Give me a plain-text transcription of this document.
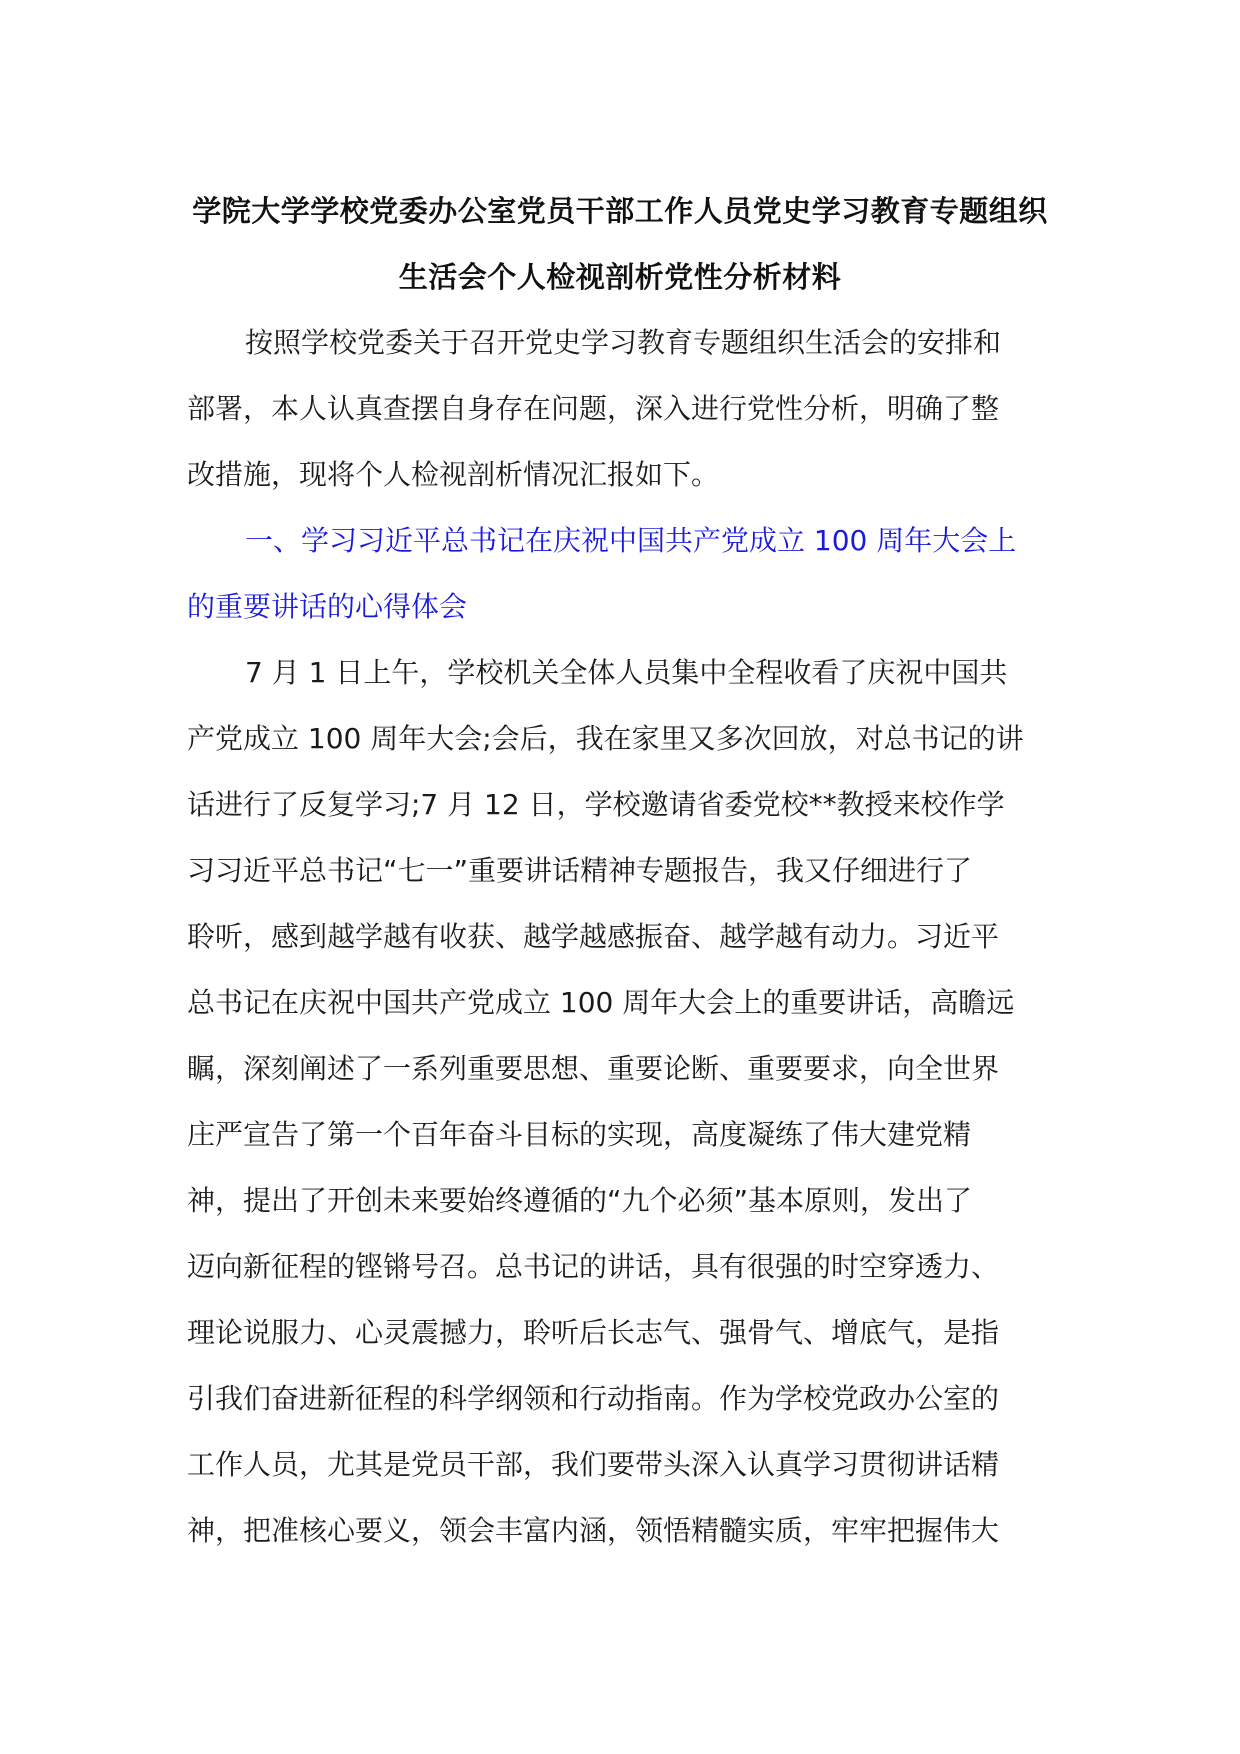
学院大学学校党委办公室党员干部工作人员党史学习教育专题组织
生活会个人检视剖析党性分析材料

按照学校党委关于召开党史学习教育专题组织生活会的安排和
部署，本人认真查摆自身存在问题，深入进行党性分析，明确了整
改措施，现将个人检视剖析情况汇报如下。

一、学习习近平总书记在庆祝中国共产党成立 100 周年大会上
的重要讲话的心得体会

7 月 1 日上午，学校机关全体人员集中全程收看了庆祝中国共
产党成立 100 周年大会;会后，我在家里又多次回放，对总书记的讲
话进行了反复学习;7 月 12 日，学校邀请省委党校**教授来校作学
习习近平总书记“七一”重要讲话精神专题报告，我又仔细进行了
聆听，感到越学越有收获、越学越感振奋、越学越有动力。习近平
总书记在庆祝中国共产党成立 100 周年大会上的重要讲话，高瞻远
瞩，深刻阐述了一系列重要思想、重要论断、重要要求，向全世界
庄严宣告了第一个百年奋斗目标的实现，高度凝练了伟大建党精
神，提出了开创未来要始终遵循的“九个必须”基本原则，发出了
迈向新征程的铿锵号召。总书记的讲话，具有很强的时空穿透力、
理论说服力、心灵震撼力，聆听后长志气、强骨气、增底气，是指
引我们奋进新征程的科学纲领和行动指南。作为学校党政办公室的
工作人员，尤其是党员干部，我们要带头深入认真学习贯彻讲话精
神，把准核心要义，领会丰富内涵，领悟精髓实质，牢牢把握伟大
